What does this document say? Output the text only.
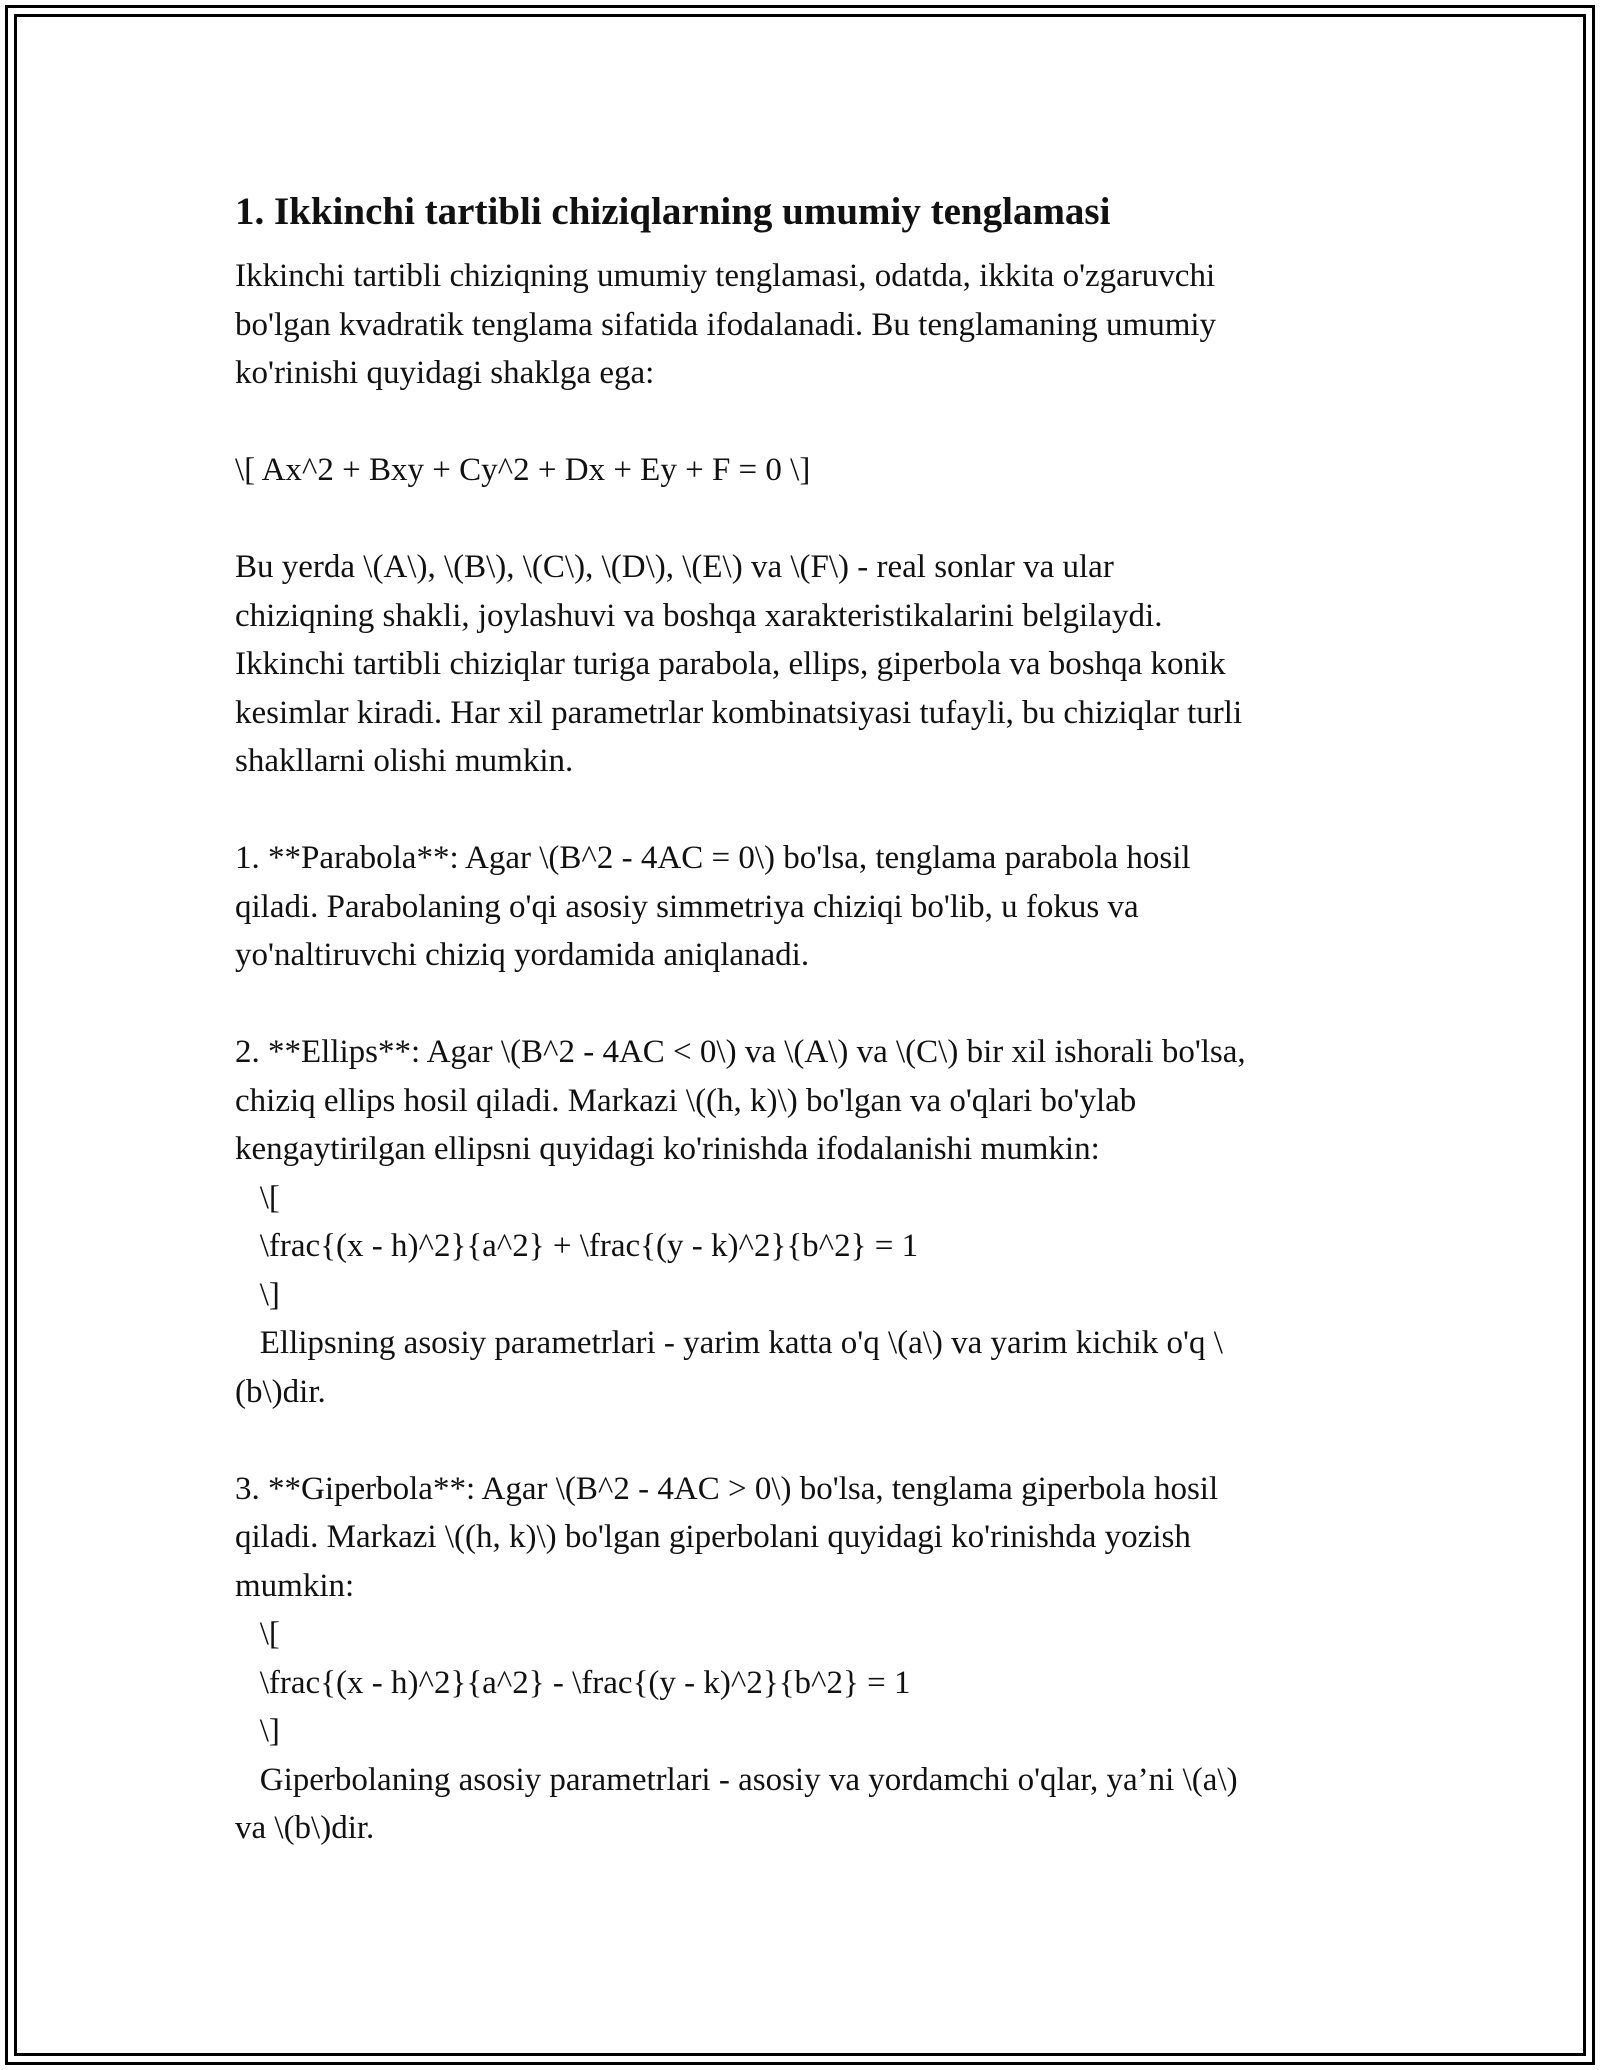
1. Ikkinchi tartibli chiziqlarning umumiy tenglamasi

Ikkinchi tartibli chiziqning umumiy tenglamasi, odatda, ikkita o'zgaruvchi
bo'lgan kvadratik tenglama sifatida ifodalanadi. Bu tenglamaning umumiy
ko'rinishi quyidagi shaklga ega:

\[ Ax^2 + Bxy + Cy^2 + Dx + Ey + F = 0 \]

Bu yerda \(A\), \(B\), \(C\), \(D\), \(E\) va \(F\) - real sonlar va ular
chiziqning shakli, joylashuvi va boshqa xarakteristikalarini belgilaydi.
Ikkinchi tartibli chiziqlar turiga parabola, ellips, giperbola va boshqa konik
kesimlar kiradi. Har xil parametrlar kombinatsiyasi tufayli, bu chiziqlar turli
shakllarni olishi mumkin.

1. **Parabola**: Agar \(B^2 - 4AC = 0\) bo'lsa, tenglama parabola hosil
qiladi. Parabolaning o'qi asosiy simmetriya chiziqi bo'lib, u fokus va
yo'naltiruvchi chiziq yordamida aniqlanadi.

2. **Ellips**: Agar \(B^2 - 4AC < 0\) va \(A\) va \(C\) bir xil ishorali bo'lsa,
chiziq ellips hosil qiladi. Markazi \((h, k)\) bo'lgan va o'qlari bo'ylab
kengaytirilgan ellipsni quyidagi ko'rinishda ifodalanishi mumkin:
\[
\frac{(x - h)^2}{a^2} + \frac{(y - k)^2}{b^2} = 1
\]
Ellipsning asosiy parametrlari - yarim katta o'q \(a\) va yarim kichik o'q \
(b\)dir.

3. **Giperbola**: Agar \(B^2 - 4AC > 0\) bo'lsa, tenglama giperbola hosil
qiladi. Markazi \((h, k)\) bo'lgan giperbolani quyidagi ko'rinishda yozish
mumkin:
\[
\frac{(x - h)^2}{a^2} - \frac{(y - k)^2}{b^2} = 1
\]
Giperbolaning asosiy parametrlari - asosiy va yordamchi o'qlar, ya’ni \(a\)
va \(b\)dir.
